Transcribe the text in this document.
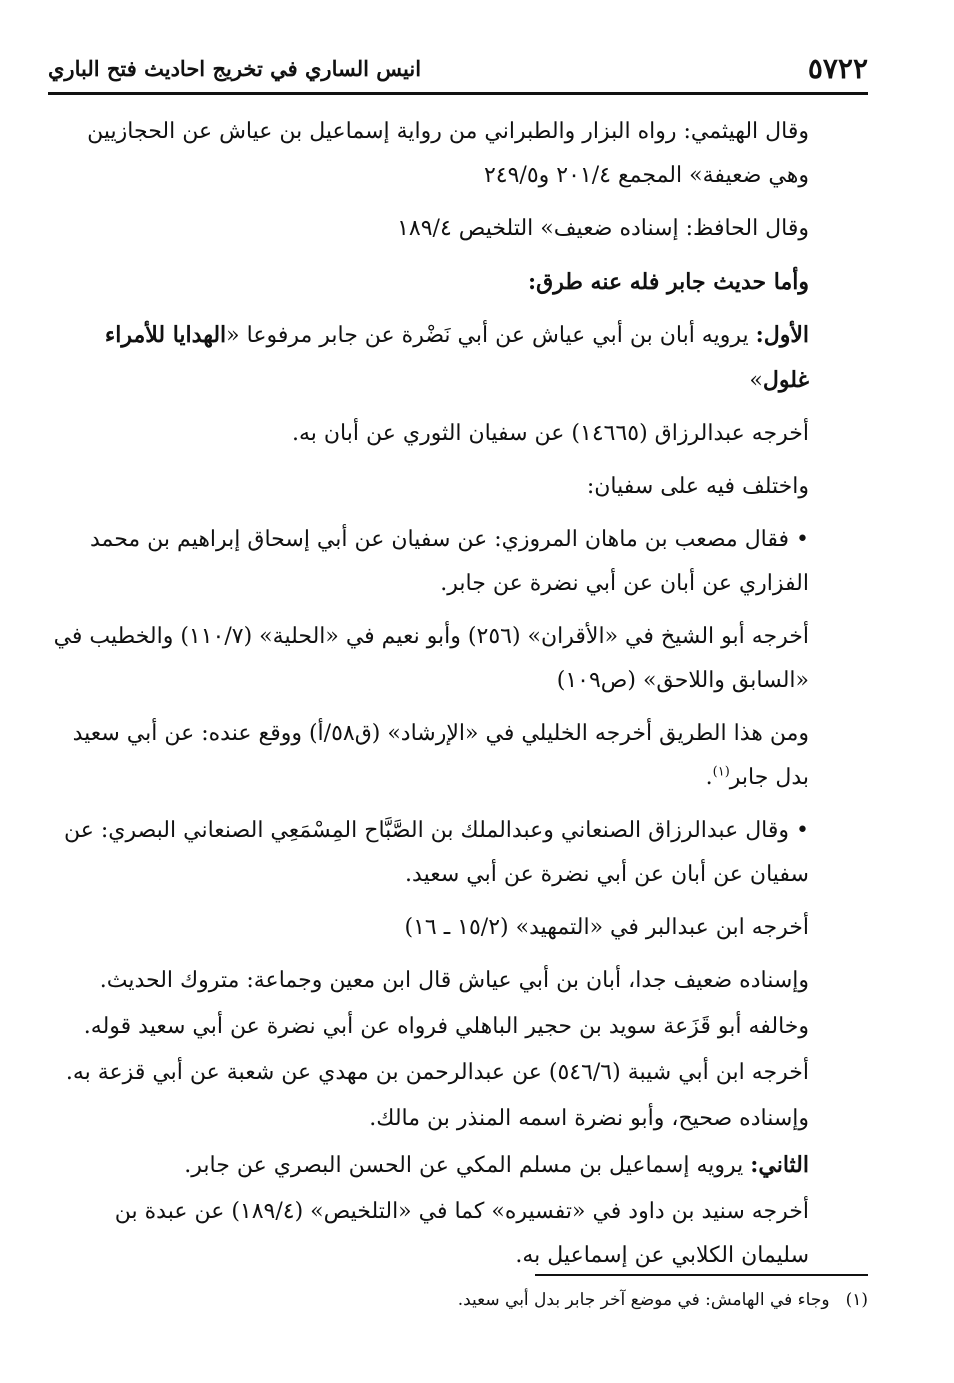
٥٧٢٢
انيس الساري في تخريج احاديث فتح الباري

وقال الهيثمي: رواه البزار والطبراني من رواية إسماعيل بن عياش عن الحجازيين وهي ضعيفة» المجمع ٢٠١/٤ و٢٤٩/٥

وقال الحافظ: إسناده ضعيف» التلخيص ١٨٩/٤

وأما حديث جابر فله عنه طرق:

الأول: يرويه أبان بن أبي عياش عن أبي نَضْرة عن جابر مرفوعا «الهدايا للأمراء غلول»

أخرجه عبدالرزاق (١٤٦٦٥) عن سفيان الثوري عن أبان به.

واختلف فيه على سفيان:

• فقال مصعب بن ماهان المروزي: عن سفيان عن أبي إسحاق إبراهيم بن محمد الفزاري عن أبان عن أبي نضرة عن جابر.

أخرجه أبو الشيخ في «الأقران» (٢٥٦) وأبو نعيم في «الحلية» (١١٠/٧) والخطيب في «السابق واللاحق» (ص١٠٩)

ومن هذا الطريق أخرجه الخليلي في «الإرشاد» (ق٥٨/أ) ووقع عنده: عن أبي سعيد بدل جابر$^{(١)}$.

• وقال عبدالرزاق الصنعاني وعبدالملك بن الصَّبَّاح المِسْمَعِي الصنعاني البصري: عن سفيان عن أبان عن أبي نضرة عن أبي سعيد.

أخرجه ابن عبدالبر في «التمهيد» (١٥/٢ ـ ١٦)

وإسناده ضعيف جدا، أبان بن أبي عياش قال ابن معين وجماعة: متروك الحديث.

وخالفه أبو قَزَعة سويد بن حجير الباهلي فرواه عن أبي نضرة عن أبي سعيد قوله.

أخرجه ابن أبي شيبة (٥٤٦/٦) عن عبدالرحمن بن مهدي عن شعبة عن أبي قزعة به.

وإسناده صحيح، وأبو نضرة اسمه المنذر بن مالك.

الثاني: يرويه إسماعيل بن مسلم المكي عن الحسن البصري عن جابر.

أخرجه سنيد بن داود في «تفسيره» كما في «التلخيص» (١٨٩/٤) عن عبدة بن سليمان الكلابي عن إسماعيل به.

(١)وجاء في الهامش: في موضع آخر جابر بدل أبي سعيد.
